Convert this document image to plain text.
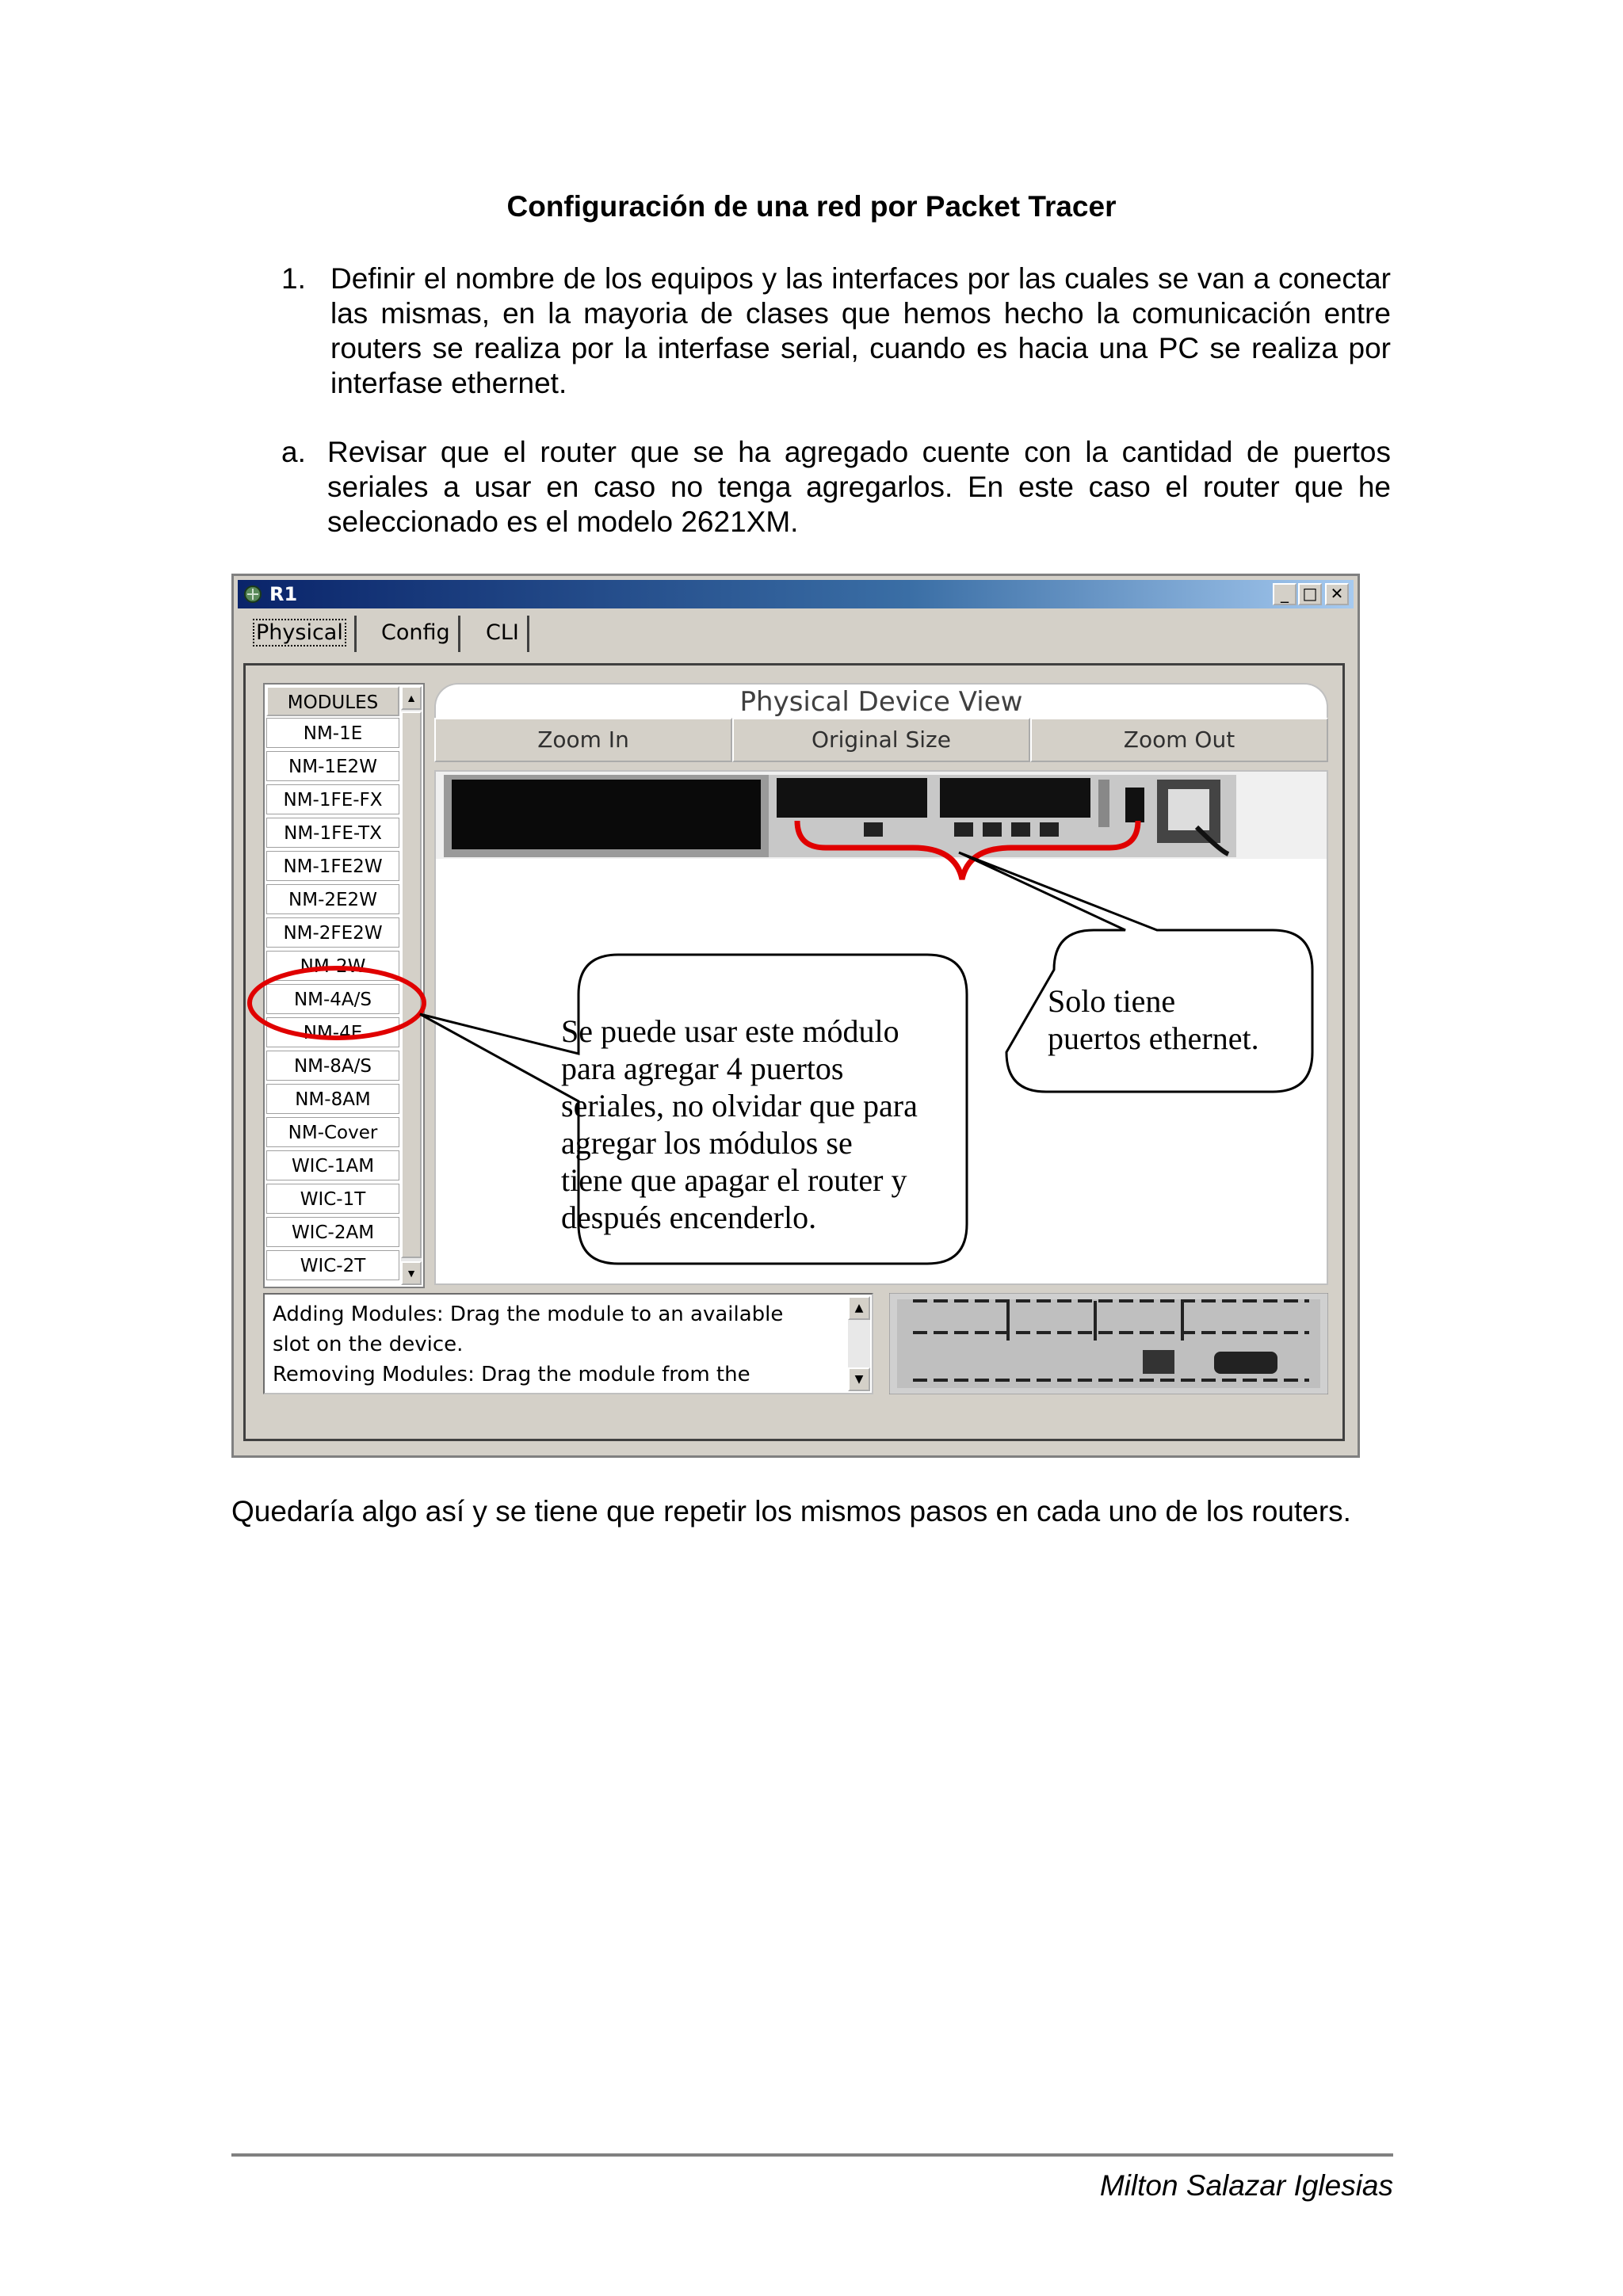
Configuración de una red por Packet Tracer
1. Definir el nombre de los equipos y las interfaces por las cuales se van a conectar las mismas, en la mayoria de clases que hemos hecho la comunicación entre routers se realiza por la interfase serial, cuando es hacia una PC se realiza por interfase ethernet.
a. Revisar que el router que se ha agregado cuente con la cantidad de puertos seriales a usar en caso no tenga agregarlos. En este caso el router que he seleccionado es el modelo 2621XM.
R1	_ □ ✕
Physical	Config	CLI
MODULES
NM-1E
NM-1E2W
NM-1FE-FX
NM-1FE-TX
NM-1FE2W
NM-2E2W
NM-2FE2W
NM-2W
NM-4A/S
NM-4E
NM-8A/S
NM-8AM
NM-Cover
WIC-1AM
WIC-1T
WIC-2AM
WIC-2T
▲
▼
Physical Device View
Zoom In	Original Size	Zoom Out

Adding Modules: Drag the module to an available

slot on the device.

Removing Modules: Drag the module from the

▲
▼
Se puede usar este módulo
para agregar 4 puertos
seriales, no olvidar que para
agregar los módulos se
tiene que apagar el router y
después encenderlo.
Solo tiene
puertos ethernet.
Quedaría algo así y se tiene que repetir los mismos pasos en cada uno de los routers.
Milton Salazar Iglesias
